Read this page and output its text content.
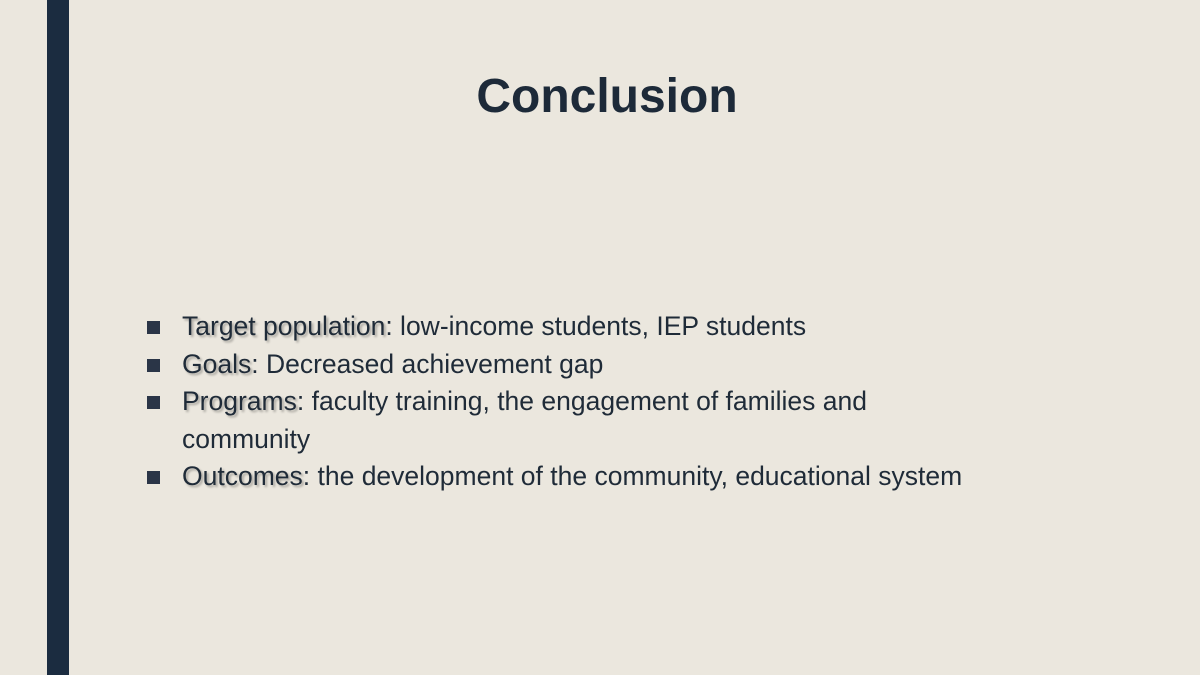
Conclusion
Target population: low-income students, IEP students
Goals: Decreased achievement gap
Programs: faculty training, the engagement of families and
community
Outcomes: the development of the community, educational system
